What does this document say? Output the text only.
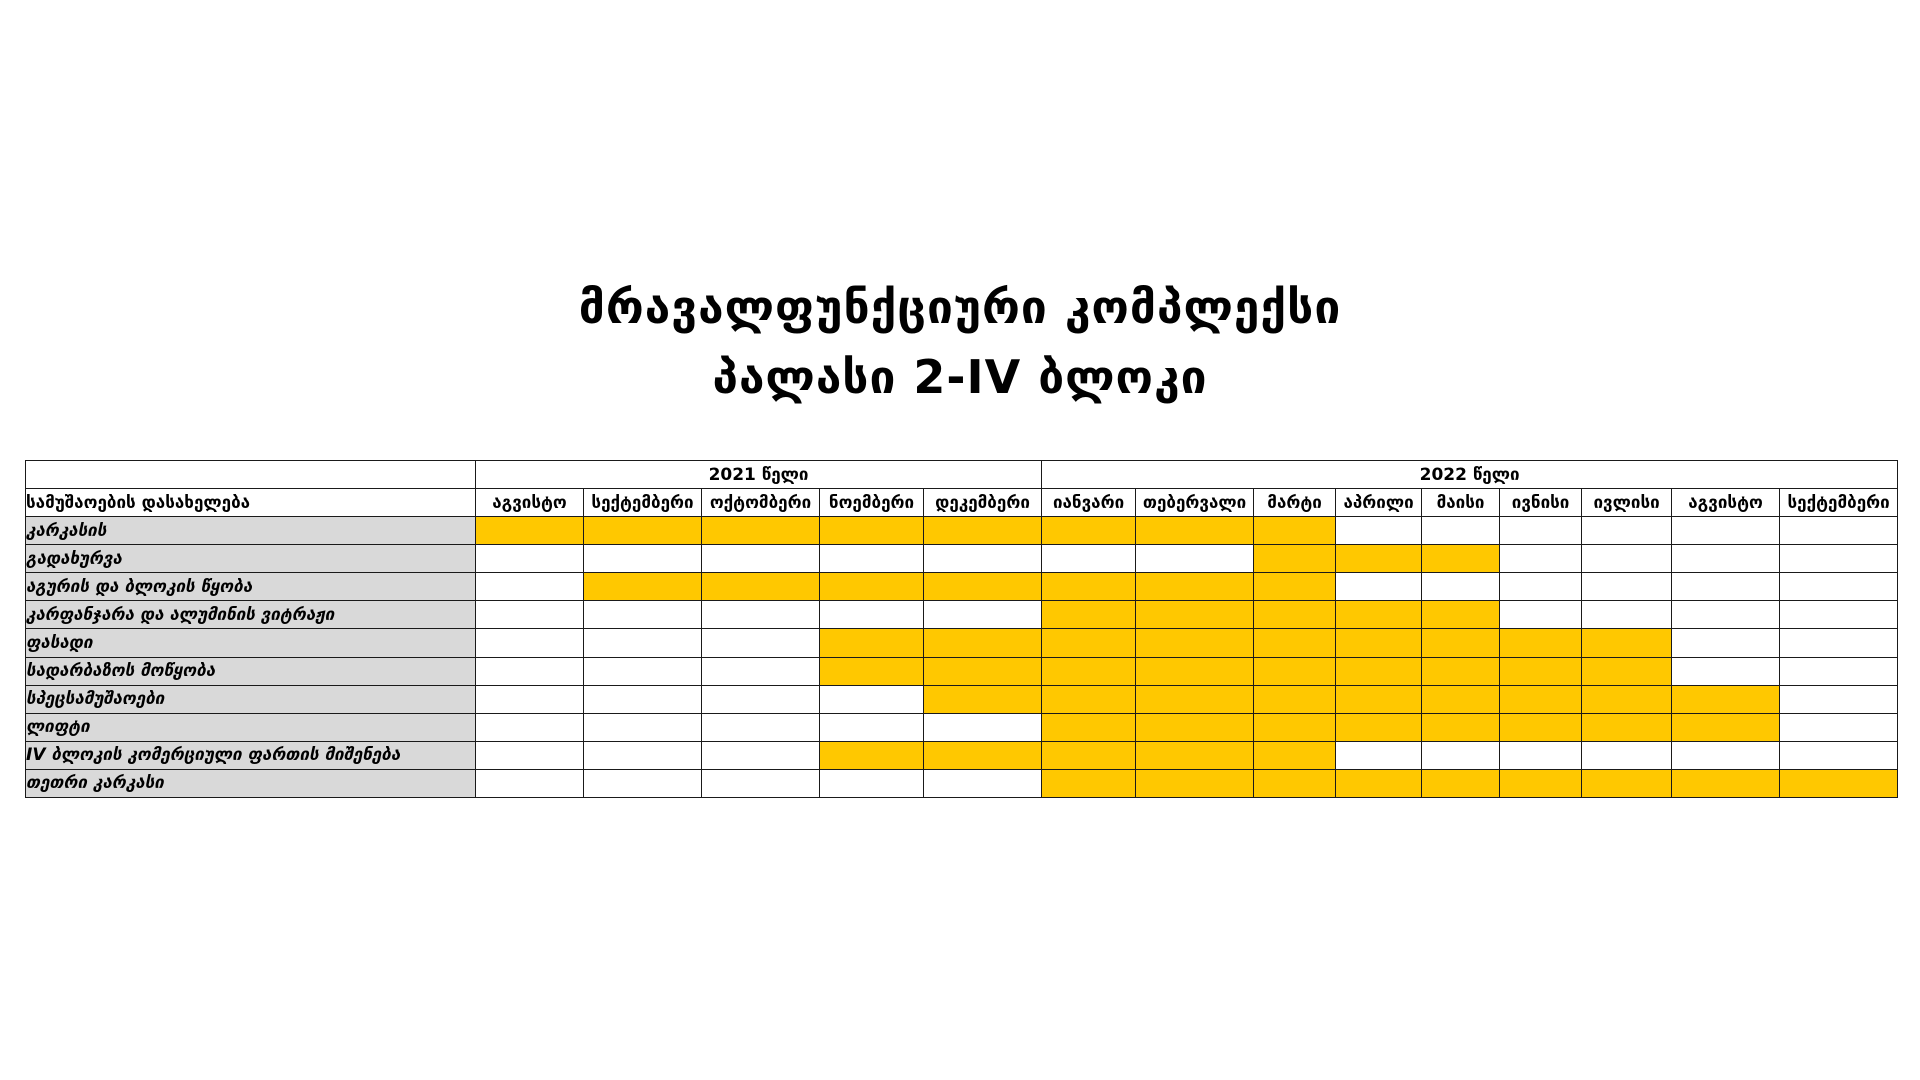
მრავალფუნქციური კომპლექსი
პალასი 2-IV ბლოკი
	2021 წელი					2022 წელი								
სამუშაოების დასახელება	აგვისტო	სექტემბერი	ოქტომბერი	ნოემბერი	დეკემბერი	იანვარი	თებერვალი	მარტი	აპრილი	მაისი	ივნისი	ივლისი	აგვისტო	სექტემბერი
კარკასის														
გადახურვა														
აგურის და ბლოკის წყობა														
კარფანჯარა და ალუმინის ვიტრაჟი														
ფასადი														
სადარბაზოს მოწყობა														
სპეცსამუშაოები														
ლიფტი														
IV ბლოკის კომერციული ფართის მიშენება														
თეთრი კარკასი														
